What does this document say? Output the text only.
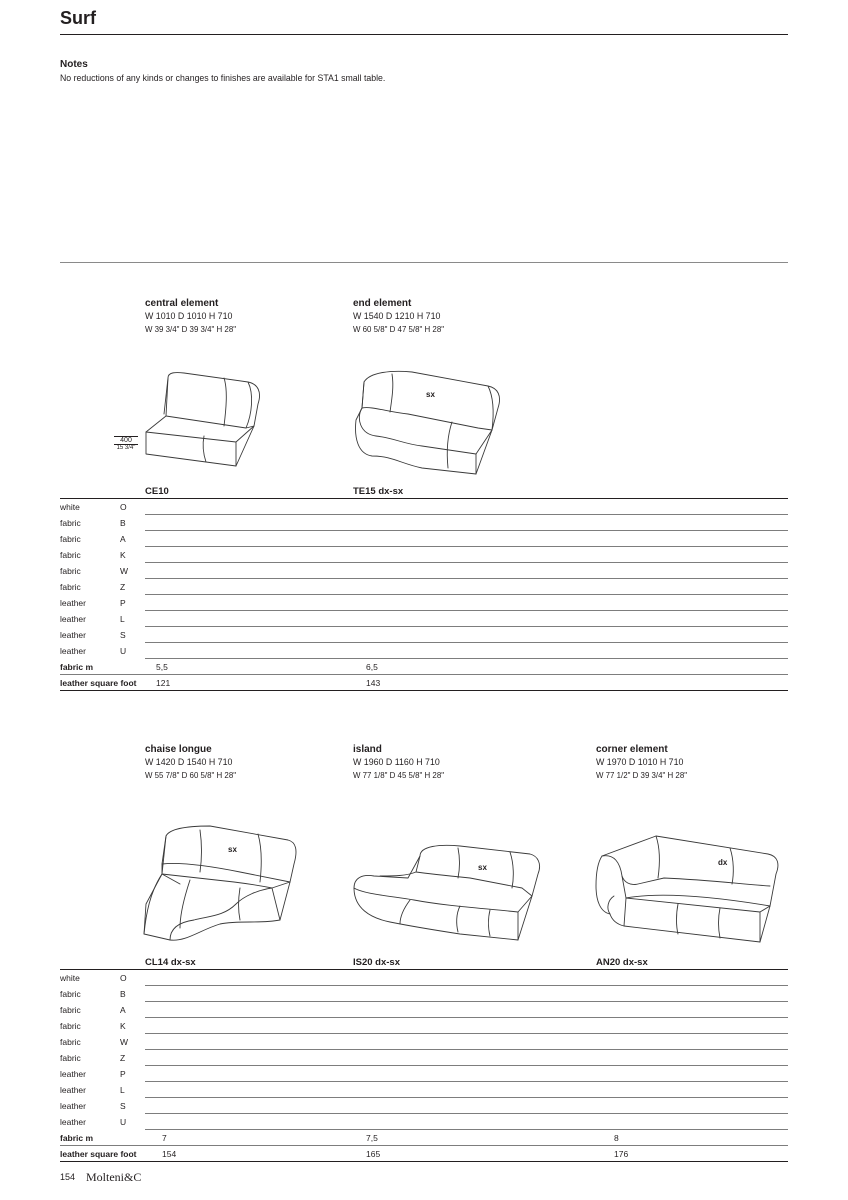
Surf
Notes
No reductions of any kinds or changes to finishes are available for STA1 small table.
central element
W 1010 D 1010 H 710
W 39 3/4" D 39 3/4" H 28"
end element
W 1540 D 1210 H 710
W 60 5/8" D 47 5/8" H 28"
400
15 3/4"
sx
CE10	TE15 dx-sx
white	O
fabric	B
fabric	A
fabric	K
fabric	W
fabric	Z
leather	P
leather	L
leather	S
leather	U
fabric m	5,5	6,5
leather square foot 121	143
chaise longue
W 1420 D 1540 H 710
W 55 7/8" D 60 5/8" H 28"
island
W 1960 D 1160 H 710
W 77 1/8" D 45 5/8" H 28"
corner element
W 1970 D 1010 H 710
W 77 1/2" D 39 3/4" H 28"
sx
sx
dx
CL14 dx-sx	IS20 dx-sx	AN20 dx-sx
white	O
fabric	B
fabric	A
fabric	K
fabric	W
fabric	Z
leather	P
leather	L
leather	S
leather	U
fabric m	7	7,5	8
leather square foot	154	165	176
154 Molteni&C
